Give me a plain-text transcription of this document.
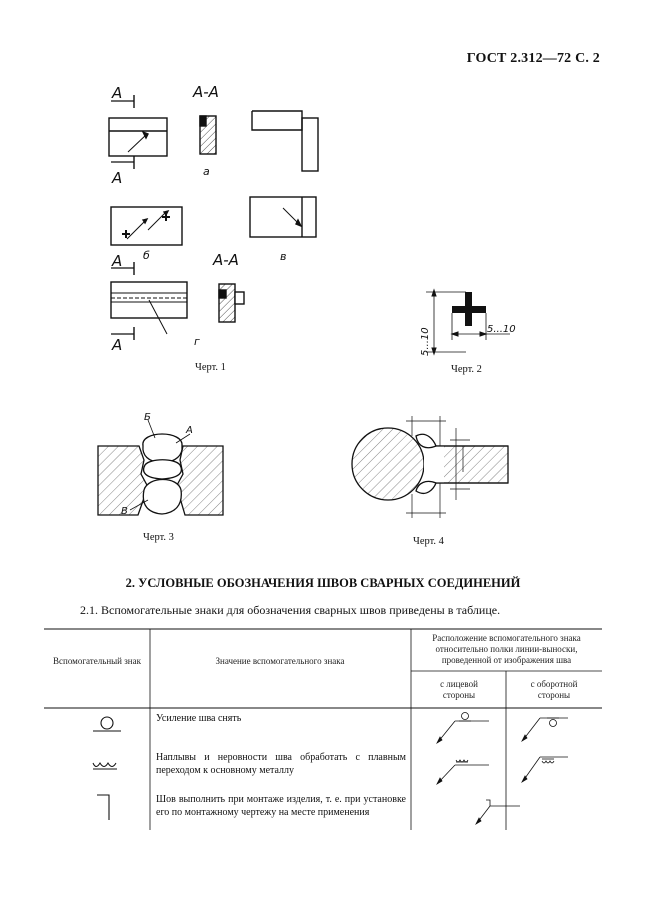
ГОСТ 2.312—72 С. 2
А
А
А-А
а
б	в
А
А
А-А
г
Черт. 1
5...10	5...10
Черт. 2
Б
А
В
Черт. 3	Черт. 4
2. УСЛОВНЫЕ ОБОЗНАЧЕНИЯ ШВОВ СВАРНЫХ СОЕДИНЕНИЙ
2.1. Вспомогательные знаки для обозначения сварных швов приведены в таблице.
Вспомогательный знак	Значение вспомогательного знака
Расположение вспомогательного знака относительно полки линии-выноски, проведенной от изображения шва
с лицевой стороны
с оборотной стороны
Усиление шва снять
Наплывы и неровности шва обработать с плавным переходом к основному металлу
Шов выполнить при монтаже изделия, т. е. при установке его по монтажному чертежу на месте применения
